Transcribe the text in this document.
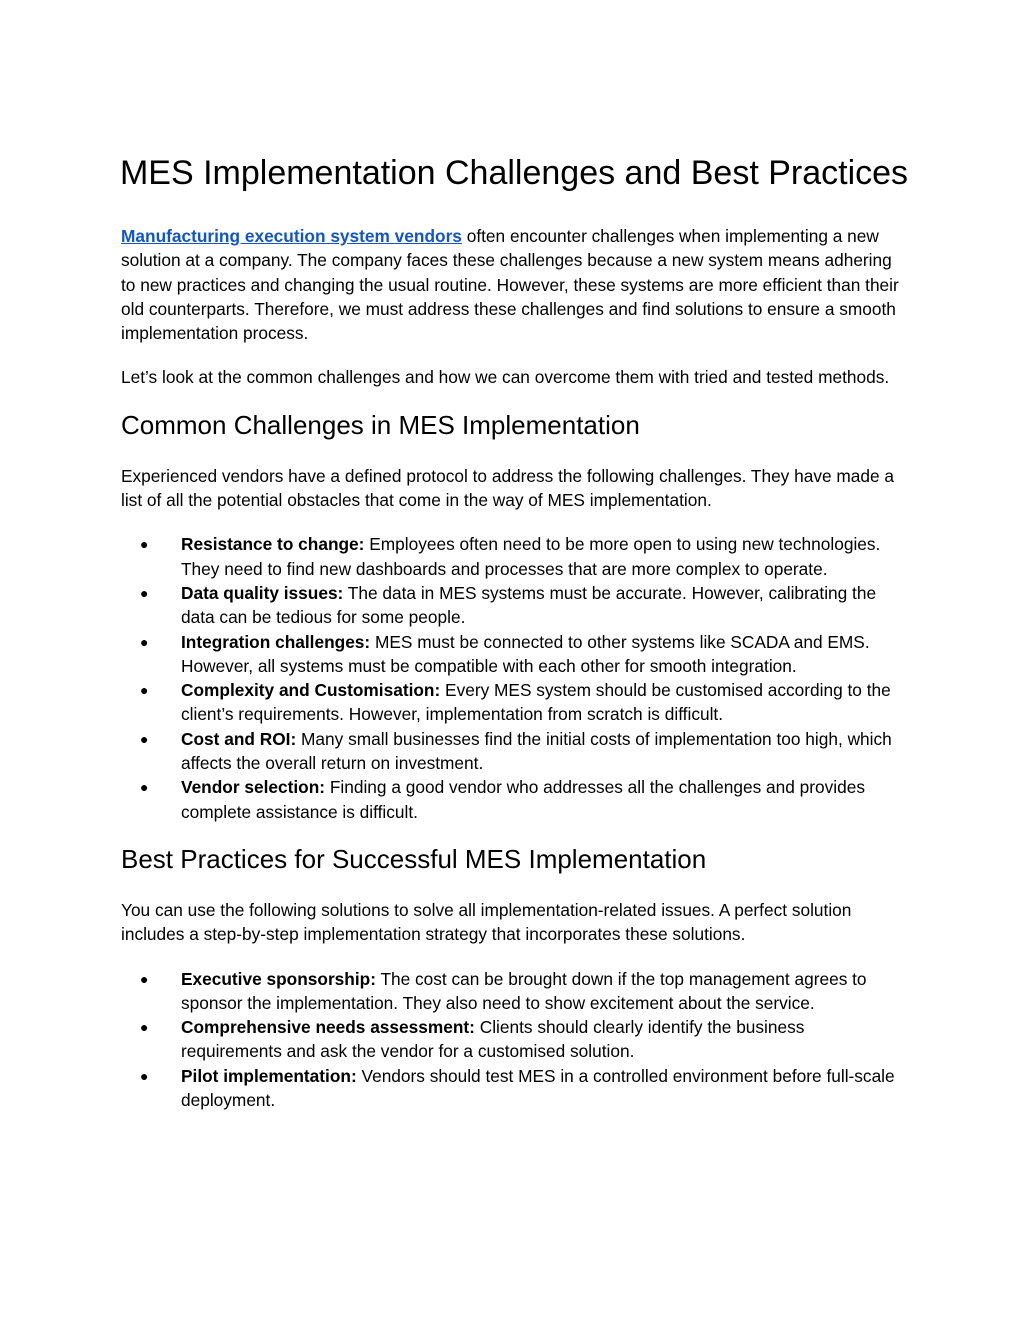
MES Implementation Challenges and Best Practices

Manufacturing execution system vendors often encounter challenges when implementing a new solution at a company. The company faces these challenges because a new system means adhering to new practices and changing the usual routine. However, these systems are more efficient than their old counterparts. Therefore, we must address these challenges and find solutions to ensure a smooth implementation process.

Let’s look at the common challenges and how we can overcome them with tried and tested methods.

Common Challenges in MES Implementation

Experienced vendors have a defined protocol to address the following challenges. They have made a list of all the potential obstacles that come in the way of MES implementation.

● Resistance to change: Employees often need to be more open to using new technologies. They need to find new dashboards and processes that are more complex to operate.
● Data quality issues: The data in MES systems must be accurate. However, calibrating the data can be tedious for some people.
● Integration challenges: MES must be connected to other systems like SCADA and EMS. However, all systems must be compatible with each other for smooth integration.
● Complexity and Customisation: Every MES system should be customised according to the client’s requirements. However, implementation from scratch is difficult.
● Cost and ROI: Many small businesses find the initial costs of implementation too high, which affects the overall return on investment.
● Vendor selection: Finding a good vendor who addresses all the challenges and provides complete assistance is difficult.
Best Practices for Successful MES Implementation

You can use the following solutions to solve all implementation-related issues. A perfect solution includes a step-by-step implementation strategy that incorporates these solutions.

● Executive sponsorship: The cost can be brought down if the top management agrees to sponsor the implementation. They also need to show excitement about the service.
● Comprehensive needs assessment: Clients should clearly identify the business requirements and ask the vendor for a customised solution.
● Pilot implementation: Vendors should test MES in a controlled environment before full-scale deployment.
